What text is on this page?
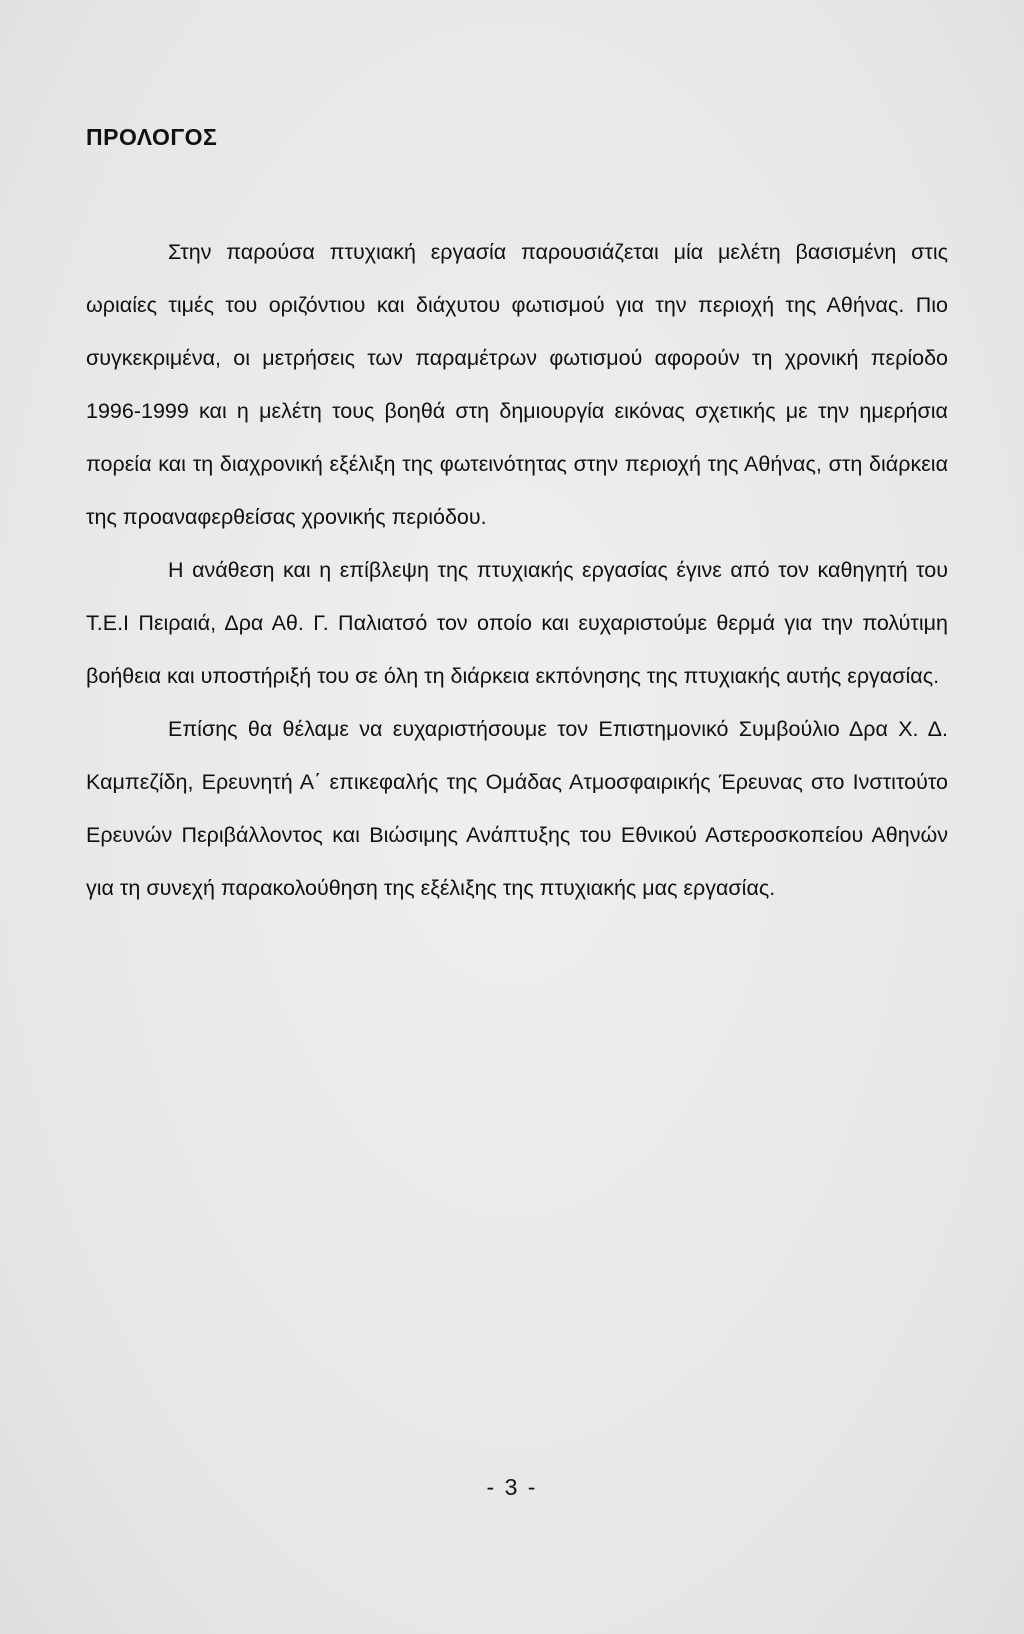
ΠΡΟΛΟΓΟΣ

Στην παρούσα πτυχιακή εργασία παρουσιάζεται μία μελέτη βασισμένη στις ωριαίες τιμές του οριζόντιου και διάχυτου φωτισμού για την περιοχή της Αθήνας. Πιο συγκεκριμένα, οι μετρήσεις των παραμέτρων φωτισμού αφορούν τη χρονική περίοδο 1996-1999 και η μελέτη τους βοηθά στη δημιουργία εικόνας σχετικής με την ημερήσια πορεία και τη διαχρονική εξέλιξη της φωτεινότητας στην περιοχή της Αθήνας, στη διάρκεια της προαναφερθείσας χρονικής περιόδου.

Η ανάθεση και η επίβλεψη της πτυχιακής εργασίας έγινε από τον καθηγητή του Τ.Ε.Ι Πειραιά, Δρα Αθ. Γ. Παλιατσό τον οποίο και ευχαριστούμε θερμά για την πολύτιμη βοήθεια και υποστήριξή του σε όλη τη διάρκεια εκπόνησης της πτυχιακής αυτής εργασίας.

Επίσης θα θέλαμε να ευχαριστήσουμε τον Επιστημονικό Συμβούλιο Δρα Χ. Δ. Καμπεζίδη, Ερευνητή Α΄ επικεφαλής της Ομάδας Ατμοσφαιρικής Έρευνας στο Ινστιτούτο Ερευνών Περιβάλλοντος και Βιώσιμης Ανάπτυξης του Εθνικού Αστεροσκοπείου Αθηνών για τη συνεχή παρακολούθηση της εξέλιξης της πτυχιακής μας εργασίας.

- 3 -
